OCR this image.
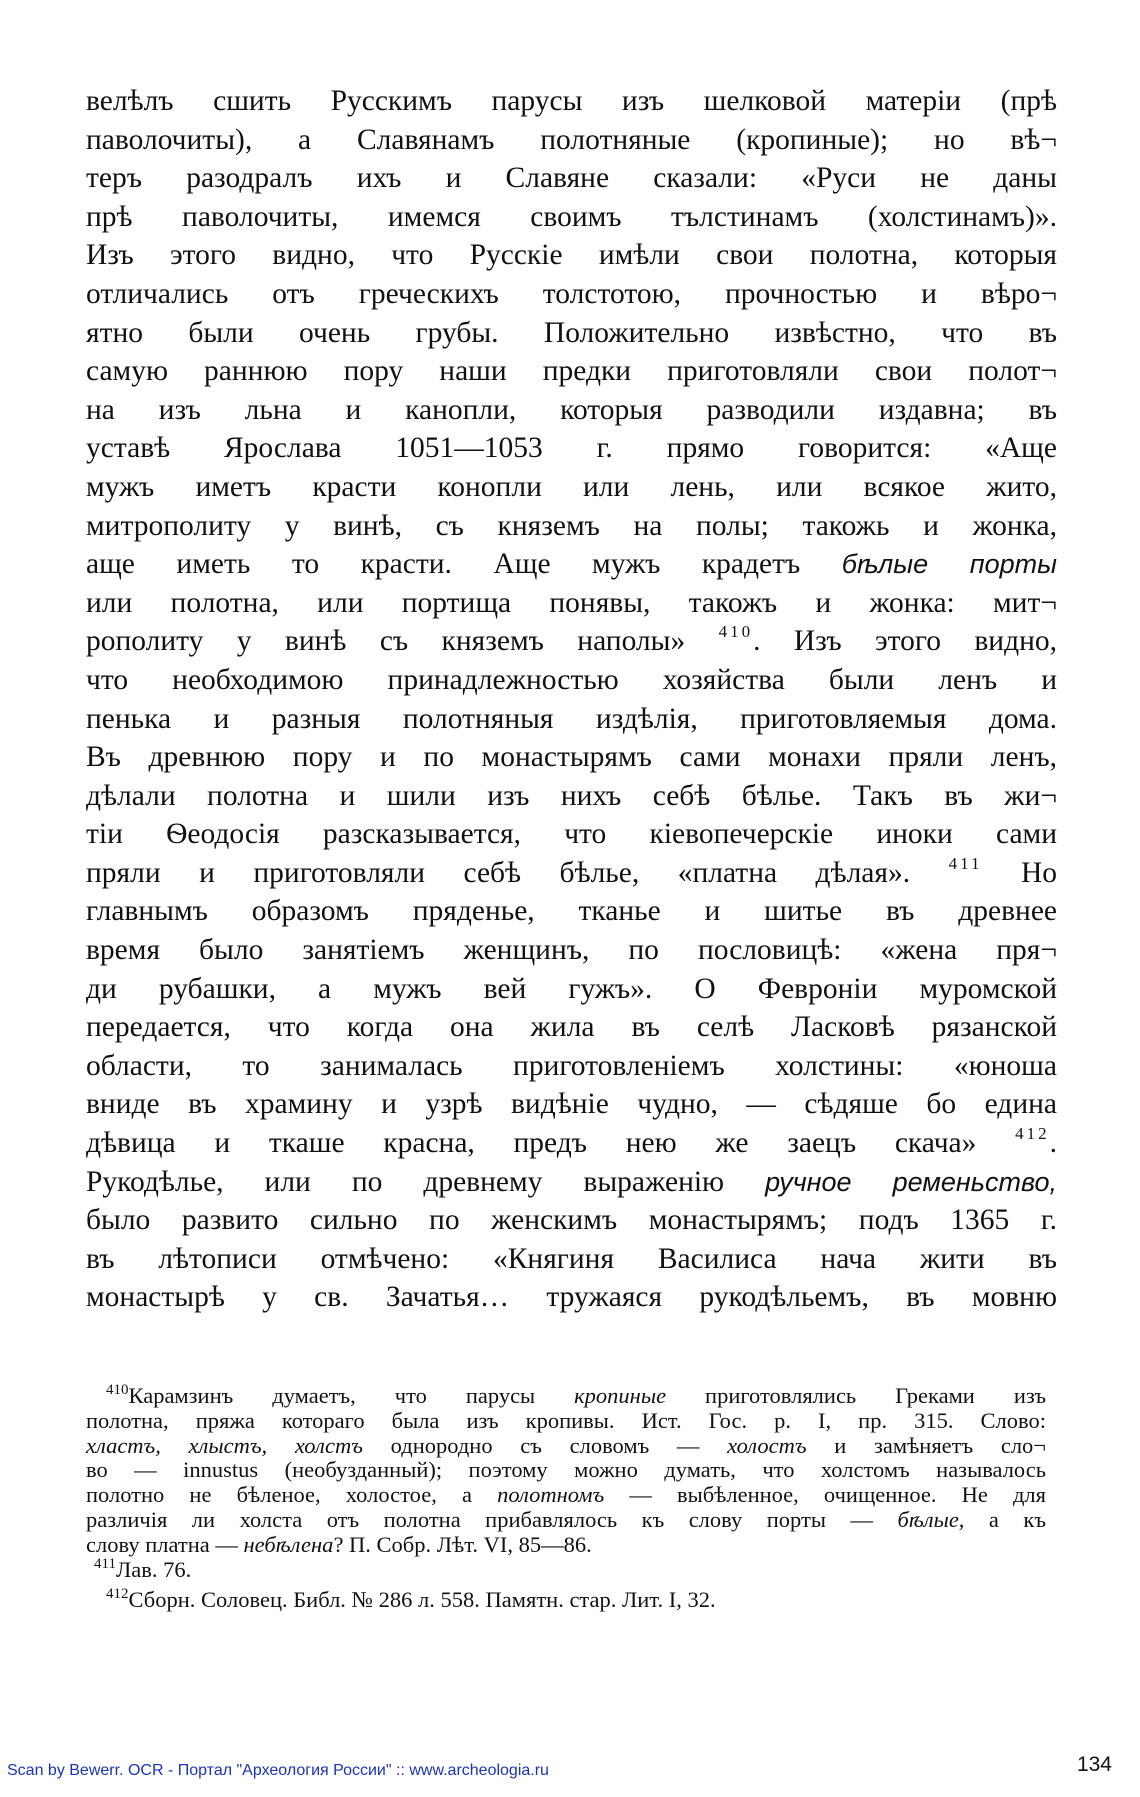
велѣлъ сшить Русскимъ парусы изъ шелковой матеріи (прѣ
паволочиты), а Славянамъ полотняные (кропиные); но вѣ¬
теръ разодралъ ихъ и Славяне сказали: «Руси не даны
прѣ паволочиты, имемся своимъ тълстинамъ (холстинамъ)».
Изъ этого видно, что Русскіе имѣли свои полотна, которыя
отличались отъ греческихъ толстотою, прочностью и вѣро¬
ятно были очень грубы. Положительно извѣстно, что въ
самую раннюю пору наши предки приготовляли свои полот¬
на изъ льна и канопли, которыя разводили издавна; въ
уставѣ Ярослава 1051—1053 г. прямо говорится: «Аще
мужъ иметъ красти конопли или лень, или всякое жито,
митрополиту у винѣ, съ княземъ на полы; такожь и жонка,
аще иметь то красти. Аще мужъ крадетъ бѣлые порты
или полотна, или портища понявы, такожъ и жонка: мит¬
рополиту у винѣ съ княземъ наполы» $^{410}$. Изъ этого видно,
что необходимою принадлежностью хозяйства были ленъ и
пенька и разныя полотняныя издѣлія, приготовляемыя дома.
Въ древнюю пору и по монастырямъ сами монахи пряли ленъ,
дѣлали полотна и шили изъ нихъ себѣ бѣлье. Такъ въ жи¬
тіи Ѳеодосія разсказывается, что кіевопечерскіе иноки сами
пряли и приготовляли себѣ бѣлье, «платна дѣлая». $^{411}$ Но
главнымъ образомъ пряденье, тканье и шитье въ древнее
время было занятіемъ женщинъ, по пословицѣ: «жена пря¬
ди рубашки, а мужъ вей гужъ». О Февроніи муромской
передается, что когда она жила въ селѣ Ласковѣ рязанской
области, то занималась приготовленіемъ холстины: «юноша
вниде въ храмину и узрѣ видѣніе чудно, — сѣдяше бо едина
дѣвица и ткаше красна, предъ нею же заецъ скача» $^{412}$.
Рукодѣлье, или по древнему выраженію ручное ременьство,
было развито сильно по женскимъ монастырямъ; подъ 1365 г.
въ лѣтописи отмѣчено: «Княгиня Василиса нача жити въ
монастырѣ у св. Зачатья… тружаяся рукодѣльемъ, въ мовню
$^{410}$Карамзинъ думаетъ, что парусы кропиные приготовлялись Греками изъ
полотна, пряжа котораго была изъ кропивы. Ист. Гос. р. I, пр. 315. Слово:
хластъ, хлыстъ, холстъ однородно съ словомъ — холостъ и замѣняетъ сло¬
во — innustus (необузданный); поэтому можно думать, что холстомъ называлось
полотно не бѣленое, холостое, а полотномъ — выбѣленное, очищенное. Не для
различія ли холста отъ полотна прибавлялось къ слову порты — бѣлые, а къ
слову платна — небѣлена? П. Собр. Лѣт. VI, 85—86.
$^{411}$Лав. 76.
$^{412}$Сборн. Соловец. Библ. № 286 л. 558. Памятн. стар. Лит. I, 32.
Scan by Bewerr. OCR - Портал "Археология России" :: www.archeologia.ru	134
